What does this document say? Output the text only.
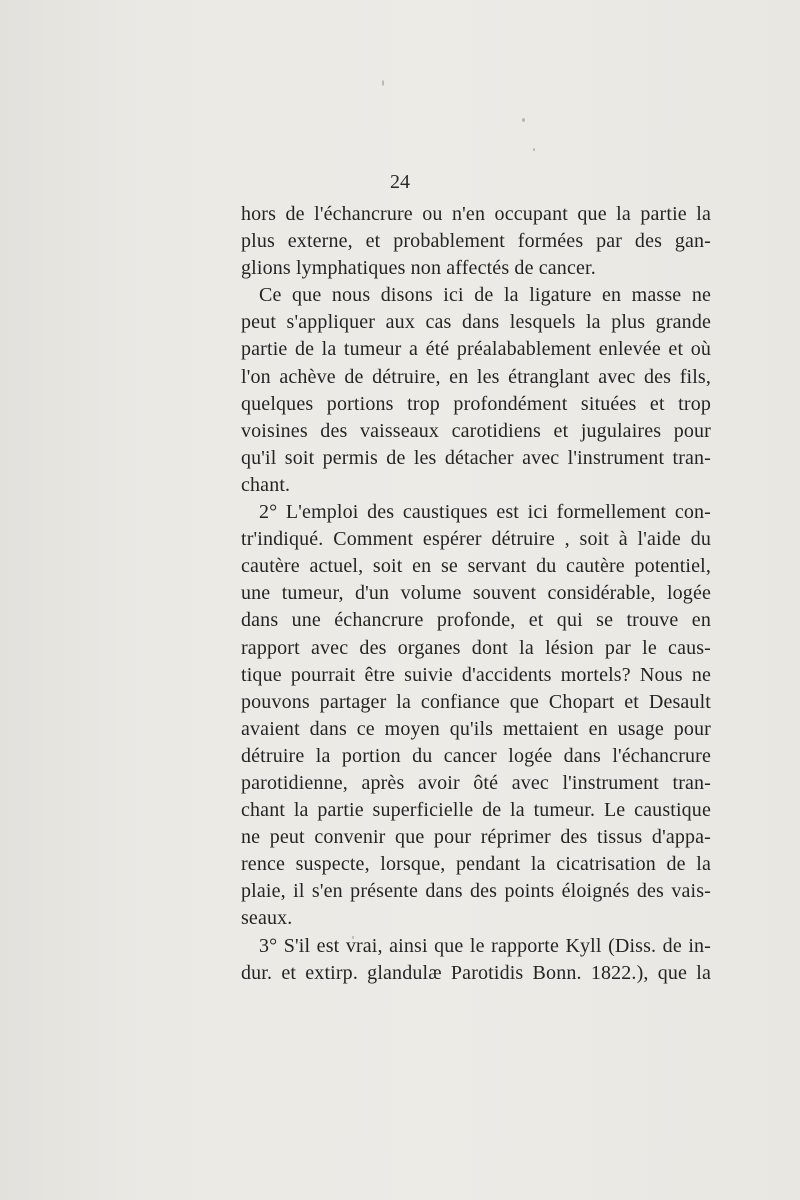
24
hors de l'échancrure ou n'en occupant que la partie la
plus externe, et probablement formées par des gan-
glions lymphatiques non affectés de cancer.
Ce que nous disons ici de la ligature en masse ne
peut s'appliquer aux cas dans lesquels la plus grande
partie de la tumeur a été préalabablement enlevée et où
l'on achève de détruire, en les étranglant avec des fils,
quelques portions trop profondément situées et trop
voisines des vaisseaux carotidiens et jugulaires pour
qu'il soit permis de les détacher avec l'instrument tran-
chant.
2° L'emploi des caustiques est ici formellement con-
tr'indiqué. Comment espérer détruire , soit à l'aide du
cautère actuel, soit en se servant du cautère potentiel,
une tumeur, d'un volume souvent considérable, logée
dans une échancrure profonde, et qui se trouve en
rapport avec des organes dont la lésion par le caus-
tique pourrait être suivie d'accidents mortels? Nous ne
pouvons partager la confiance que Chopart et Desault
avaient dans ce moyen qu'ils mettaient en usage pour
détruire la portion du cancer logée dans l'échancrure
parotidienne, après avoir ôté avec l'instrument tran-
chant la partie superficielle de la tumeur. Le caustique
ne peut convenir que pour réprimer des tissus d'appa-
rence suspecte, lorsque, pendant la cicatrisation de la
plaie, il s'en présente dans des points éloignés des vais-
seaux.
3° S'il est vrai, ainsi que le rapporte Kyll (Diss. de in-
dur. et extirp. glandulæ Parotidis Bonn. 1822.), que la
